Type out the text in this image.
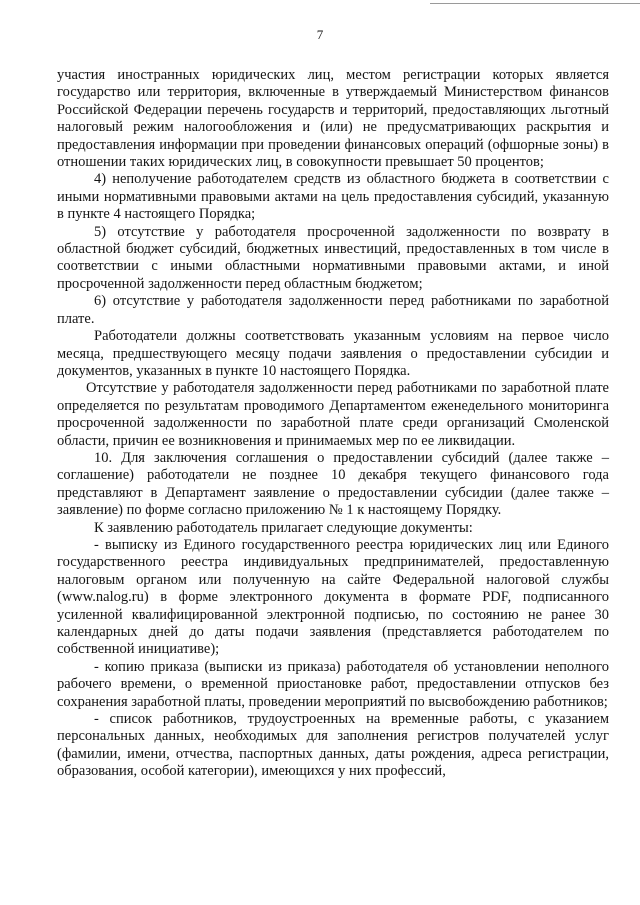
7

участия иностранных юридических лиц, местом регистрации которых является государство или территория, включенные в утверждаемый Министерством финансов Российской Федерации перечень государств и территорий, предоставляющих льготный налоговый режим налогообложения и (или) не предусматривающих раскрытия и предоставления информации при проведении финансовых операций (офшорные зоны) в отношении таких юридических лиц, в совокупности превышает 50 процентов;

4) неполучение работодателем средств из областного бюджета в соответствии с иными нормативными правовыми актами на цель предоставления субсидий, указанную в пункте 4 настоящего Порядка;

5) отсутствие у работодателя просроченной задолженности по возврату в областной бюджет субсидий, бюджетных инвестиций, предоставленных в том числе в соответствии с иными областными нормативными правовыми актами, и иной просроченной задолженности перед областным бюджетом;

6) отсутствие у работодателя задолженности перед работниками по заработной плате.

Работодатели должны соответствовать указанным условиям на первое число месяца, предшествующего месяцу подачи заявления о предоставлении субсидии и документов, указанных в пункте 10 настоящего Порядка.

Отсутствие у работодателя задолженности перед работниками по заработной плате определяется по результатам проводимого Департаментом еженедельного мониторинга просроченной задолженности по заработной плате среди организаций Смоленской области, причин ее возникновения и принимаемых мер по ее ликвидации.

10. Для заключения соглашения о предоставлении субсидий (далее также – соглашение) работодатели не позднее 10 декабря текущего финансового года представляют в Департамент заявление о предоставлении субсидии (далее также – заявление) по форме согласно приложению № 1 к настоящему Порядку.

К заявлению работодатель прилагает следующие документы:

- выписку из Единого государственного реестра юридических лиц или Единого государственного реестра индивидуальных предпринимателей, предоставленную налоговым органом или полученную на сайте Федеральной налоговой службы (www.nalog.ru) в форме электронного документа в формате PDF, подписанного усиленной квалифицированной электронной подписью, по состоянию не ранее 30 календарных дней до даты подачи заявления (представляется работодателем по собственной инициативе);

- копию приказа (выписки из приказа) работодателя об установлении неполного рабочего времени, о временной приостановке работ, предоставлении отпусков без сохранения заработной платы, проведении мероприятий по высвобождению работников;

- список работников, трудоустроенных на временные работы, с указанием персональных данных, необходимых для заполнения регистров получателей услуг (фамилии, имени, отчества, паспортных данных, даты рождения, адреса регистрации, образования, особой категории), имеющихся у них профессий,
